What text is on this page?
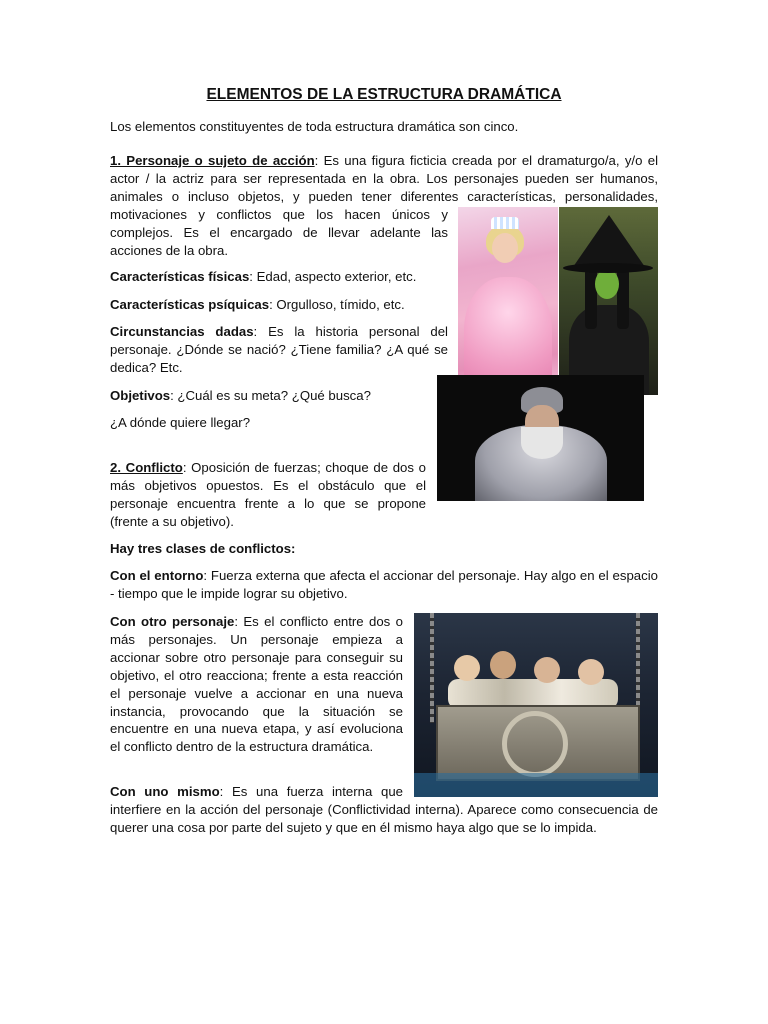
ELEMENTOS DE LA ESTRUCTURA DRAMÁTICA

Los elementos constituyentes de toda estructura dramática son cinco.

1. Personaje o sujeto de acción: Es una figura ficticia creada por el dramaturgo/a, y/o el
actor / la actriz para ser representada en la obra. Los personajes pueden ser humanos,
animales o incluso objetos, y pueden tener diferentes características, personalidades,

motivaciones y conflictos que los hacen únicos y complejos. Es el encargado de llevar adelante las acciones de la obra.

Características físicas: Edad, aspecto exterior, etc.

Características psíquicas: Orgulloso, tímido, etc.

Circunstancias dadas: Es la historia personal del personaje. ¿Dónde se nació? ¿Tiene familia? ¿A qué se dedica? Etc.

Objetivos: ¿Cuál es su meta? ¿Qué busca?

¿A dónde quiere llegar?

2. Conflicto: Oposición de fuerzas; choque de dos o más objetivos opuestos. Es el obstáculo que el personaje encuentra frente a lo que se propone (frente a su objetivo).

Hay tres clases de conflictos:

Con el entorno: Fuerza externa que afecta el accionar del personaje. Hay algo en el espacio - tiempo que le impide lograr su objetivo.

Con otro personaje: Es el conflicto entre dos o más personajes. Un personaje empieza a accionar sobre otro personaje para conseguir su objetivo, el otro reacciona; frente a esta reacción el personaje vuelve a accionar en una nueva instancia, provocando que la situación se encuentre en una nueva etapa, y así evoluciona el conflicto dentro de la estructura dramática.

Con uno mismo: Es una fuerza interna que
interfiere en la acción del personaje (Conflictividad interna). Aparece como consecuencia de querer una cosa por parte del sujeto y que en él mismo haya algo que se lo impida.
